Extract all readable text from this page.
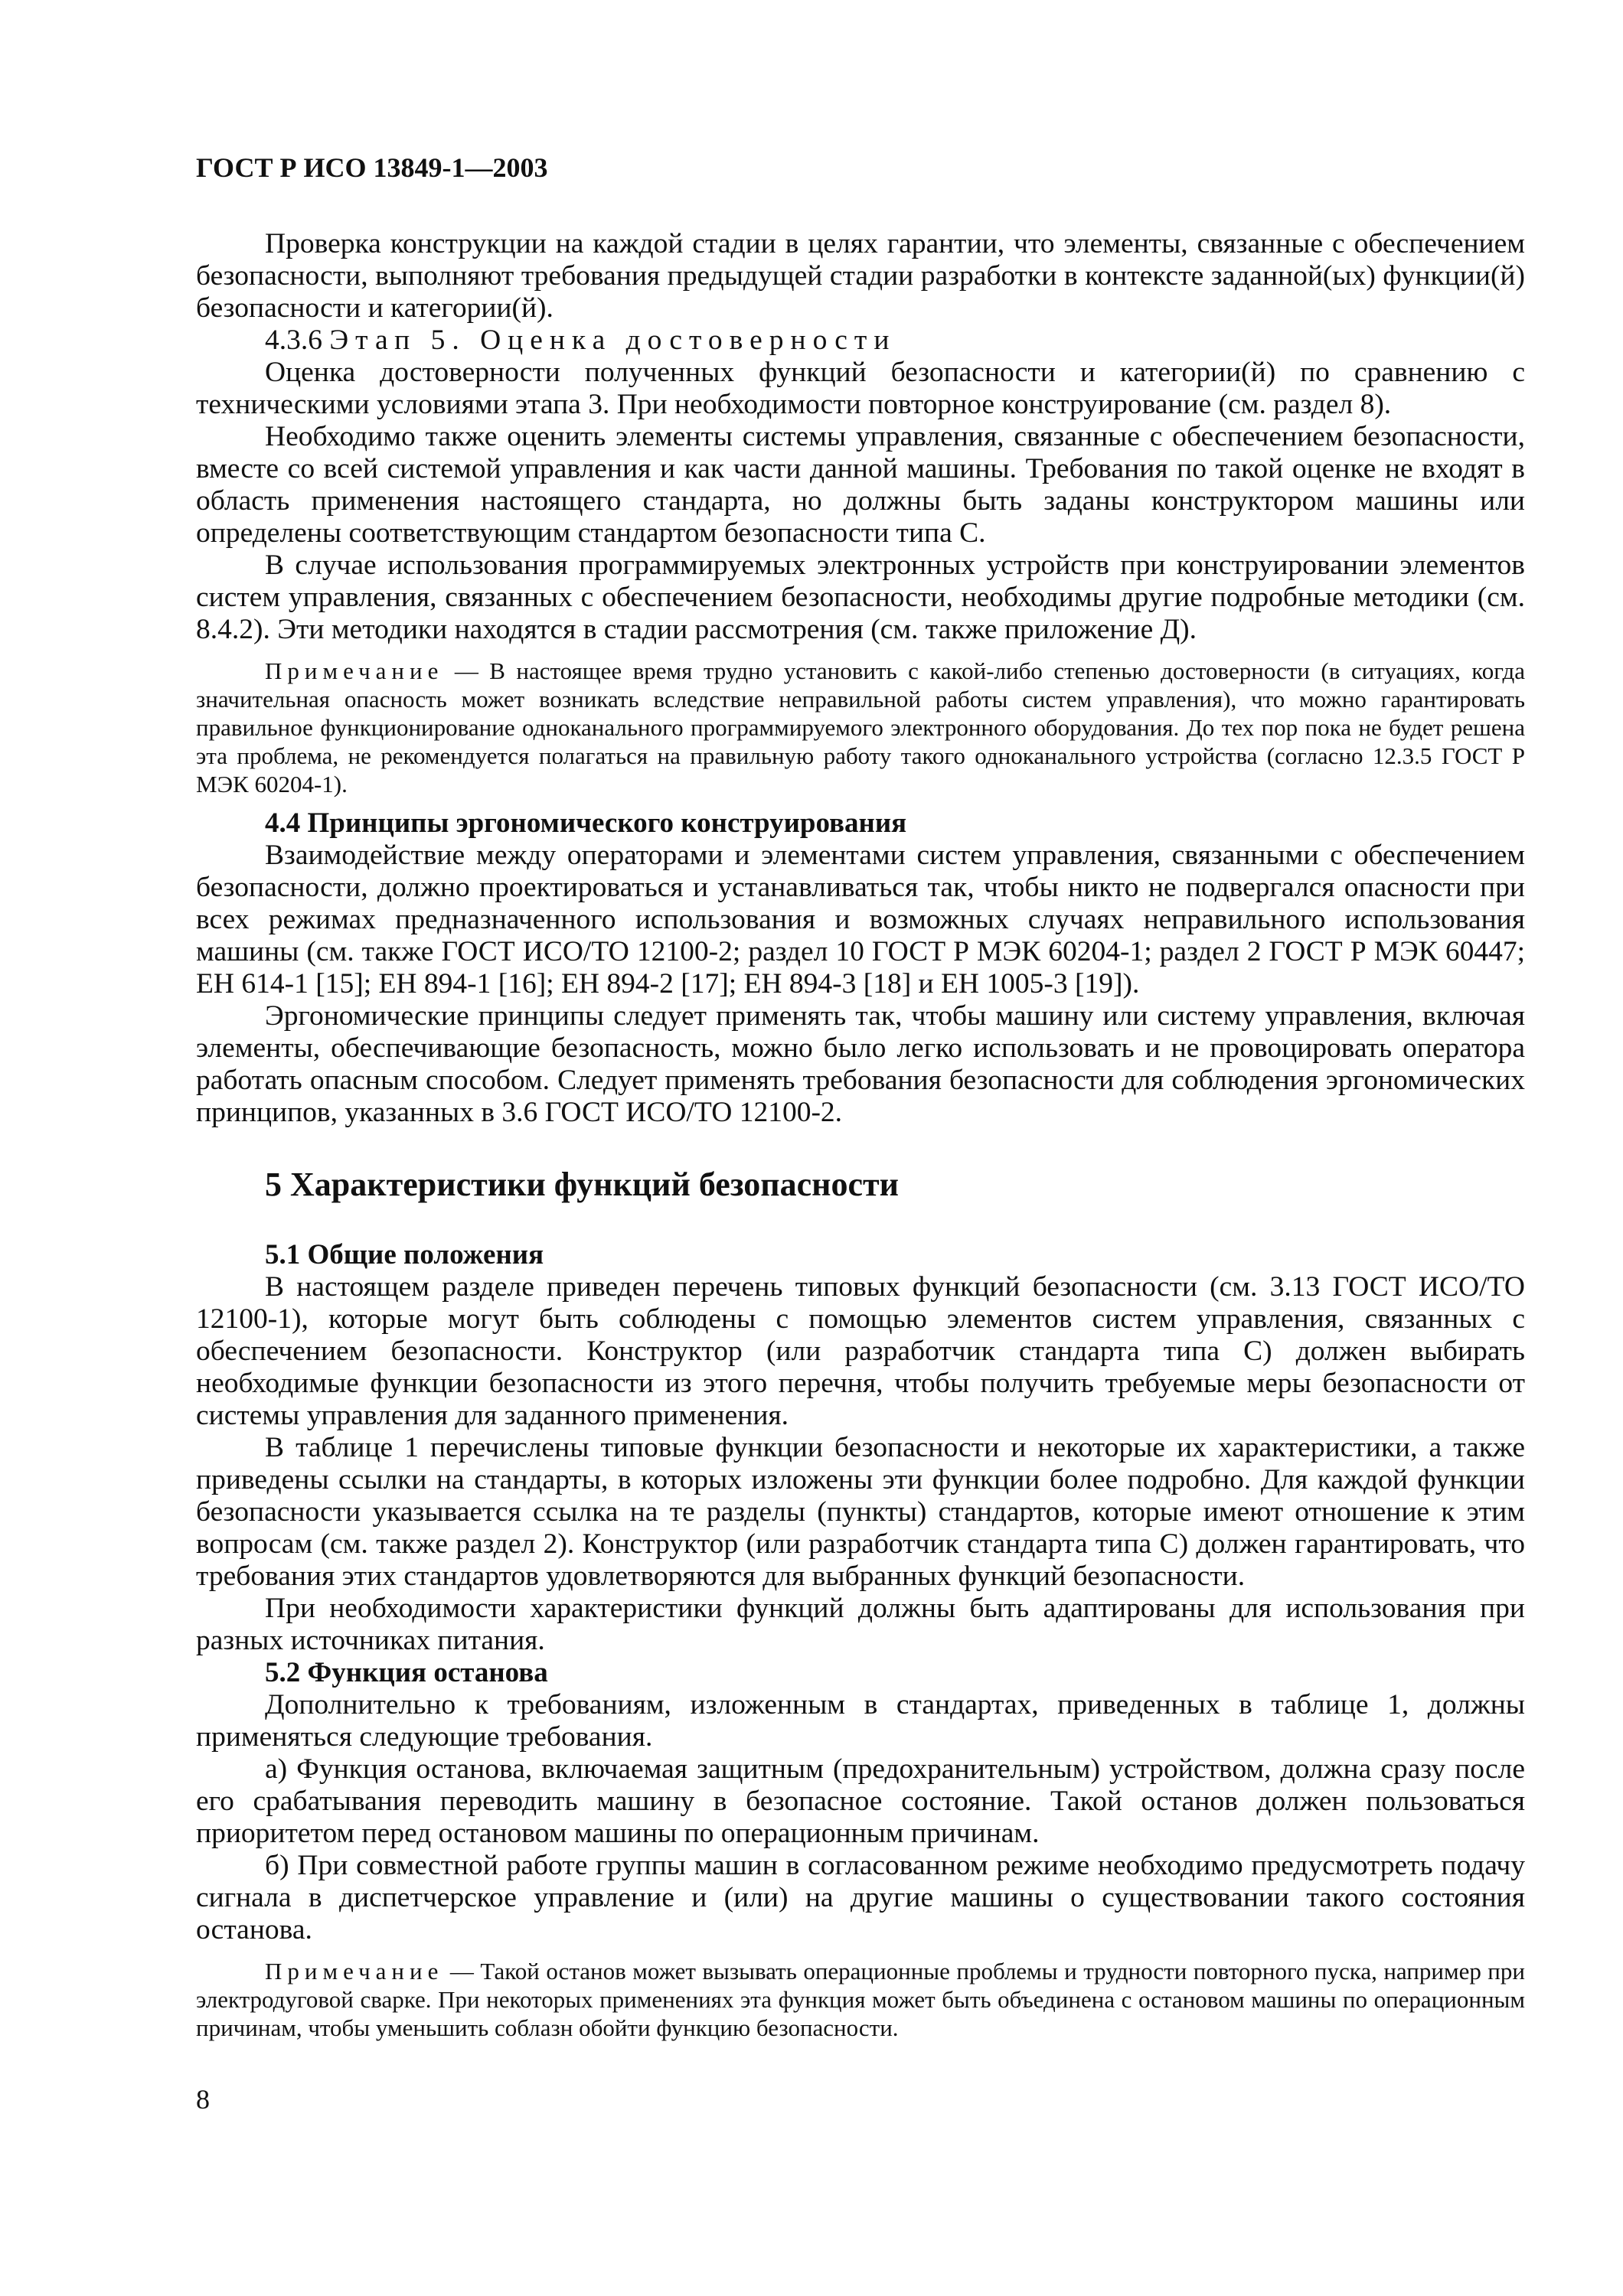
ГОСТ Р ИСО 13849-1—2003

Проверка конструкции на каждой стадии в целях гарантии, что элементы, связанные с обеспечением безопасности, выполняют требования предыдущей стадии разработки в контексте заданной(ых) функции(й) безопасности и категории(й).

4.3.6 Этап 5. Оценка достоверности

Оценка достоверности полученных функций безопасности и категории(й) по сравнению с техническими условиями этапа 3. При необходимости повторное конструирование (см. раздел 8).

Необходимо также оценить элементы системы управления, связанные с обеспечением безопасности, вместе со всей системой управления и как части данной машины. Требования по такой оценке не входят в область применения настоящего стандарта, но должны быть заданы конструктором машины или определены соответствующим стандартом безопасности типа С.

В случае использования программируемых электронных устройств при конструировании элементов систем управления, связанных с обеспечением безопасности, необходимы другие подробные методики (см. 8.4.2). Эти методики находятся в стадии рассмотрения (см. также приложение Д).

Примечание — В настоящее время трудно установить с какой-либо степенью достоверности (в ситуациях, когда значительная опасность может возникать вследствие неправильной работы систем управления), что можно гарантировать правильное функционирование одноканального программируемого электронного оборудования. До тех пор пока не будет решена эта проблема, не рекомендуется полагаться на правильную работу такого одноканального устройства (согласно 12.3.5 ГОСТ Р МЭК 60204-1).

4.4 Принципы эргономического конструирования

Взаимодействие между операторами и элементами систем управления, связанными с обеспечением безопасности, должно проектироваться и устанавливаться так, чтобы никто не подвергался опасности при всех режимах предназначенного использования и возможных случаях неправильного использования машины (см. также ГОСТ ИСО/ТО 12100-2; раздел 10 ГОСТ Р МЭК 60204-1; раздел 2 ГОСТ Р МЭК 60447; ЕН 614-1 [15]; ЕН 894-1 [16]; ЕН 894-2 [17]; ЕН 894-3 [18] и ЕН 1005-3 [19]).

Эргономические принципы следует применять так, чтобы машину или систему управления, включая элементы, обеспечивающие безопасность, можно было легко использовать и не провоцировать оператора работать опасным способом. Следует применять требования безопасности для соблюдения эргономических принципов, указанных в 3.6 ГОСТ ИСО/ТО 12100-2.

5 Характеристики функций безопасности

5.1 Общие положения

В настоящем разделе приведен перечень типовых функций безопасности (см. 3.13 ГОСТ ИСО/ТО 12100-1), которые могут быть соблюдены с помощью элементов систем управления, связанных с обеспечением безопасности. Конструктор (или разработчик стандарта типа С) должен выбирать необходимые функции безопасности из этого перечня, чтобы получить требуемые меры безопасности от системы управления для заданного применения.

В таблице 1 перечислены типовые функции безопасности и некоторые их характеристики, а также приведены ссылки на стандарты, в которых изложены эти функции более подробно. Для каждой функции безопасности указывается ссылка на те разделы (пункты) стандартов, которые имеют отношение к этим вопросам (см. также раздел 2). Конструктор (или разработчик стандарта типа С) должен гарантировать, что требования этих стандартов удовлетворяются для выбранных функций безопасности.

При необходимости характеристики функций должны быть адаптированы для использования при разных источниках питания.

5.2 Функция останова

Дополнительно к требованиям, изложенным в стандартах, приведенных в таблице 1, должны применяться следующие требования.

а) Функция останова, включаемая защитным (предохранительным) устройством, должна сразу после его срабатывания переводить машину в безопасное состояние. Такой останов должен пользоваться приоритетом перед остановом машины по операционным причинам.

б) При совместной работе группы машин в согласованном режиме необходимо предусмотреть подачу сигнала в диспетчерское управление и (или) на другие машины о существовании такого состояния останова.

Примечание — Такой останов может вызывать операционные проблемы и трудности повторного пуска, например при электродуговой сварке. При некоторых применениях эта функция может быть объединена с остановом машины по операционным причинам, чтобы уменьшить соблазн обойти функцию безопасности.

8
